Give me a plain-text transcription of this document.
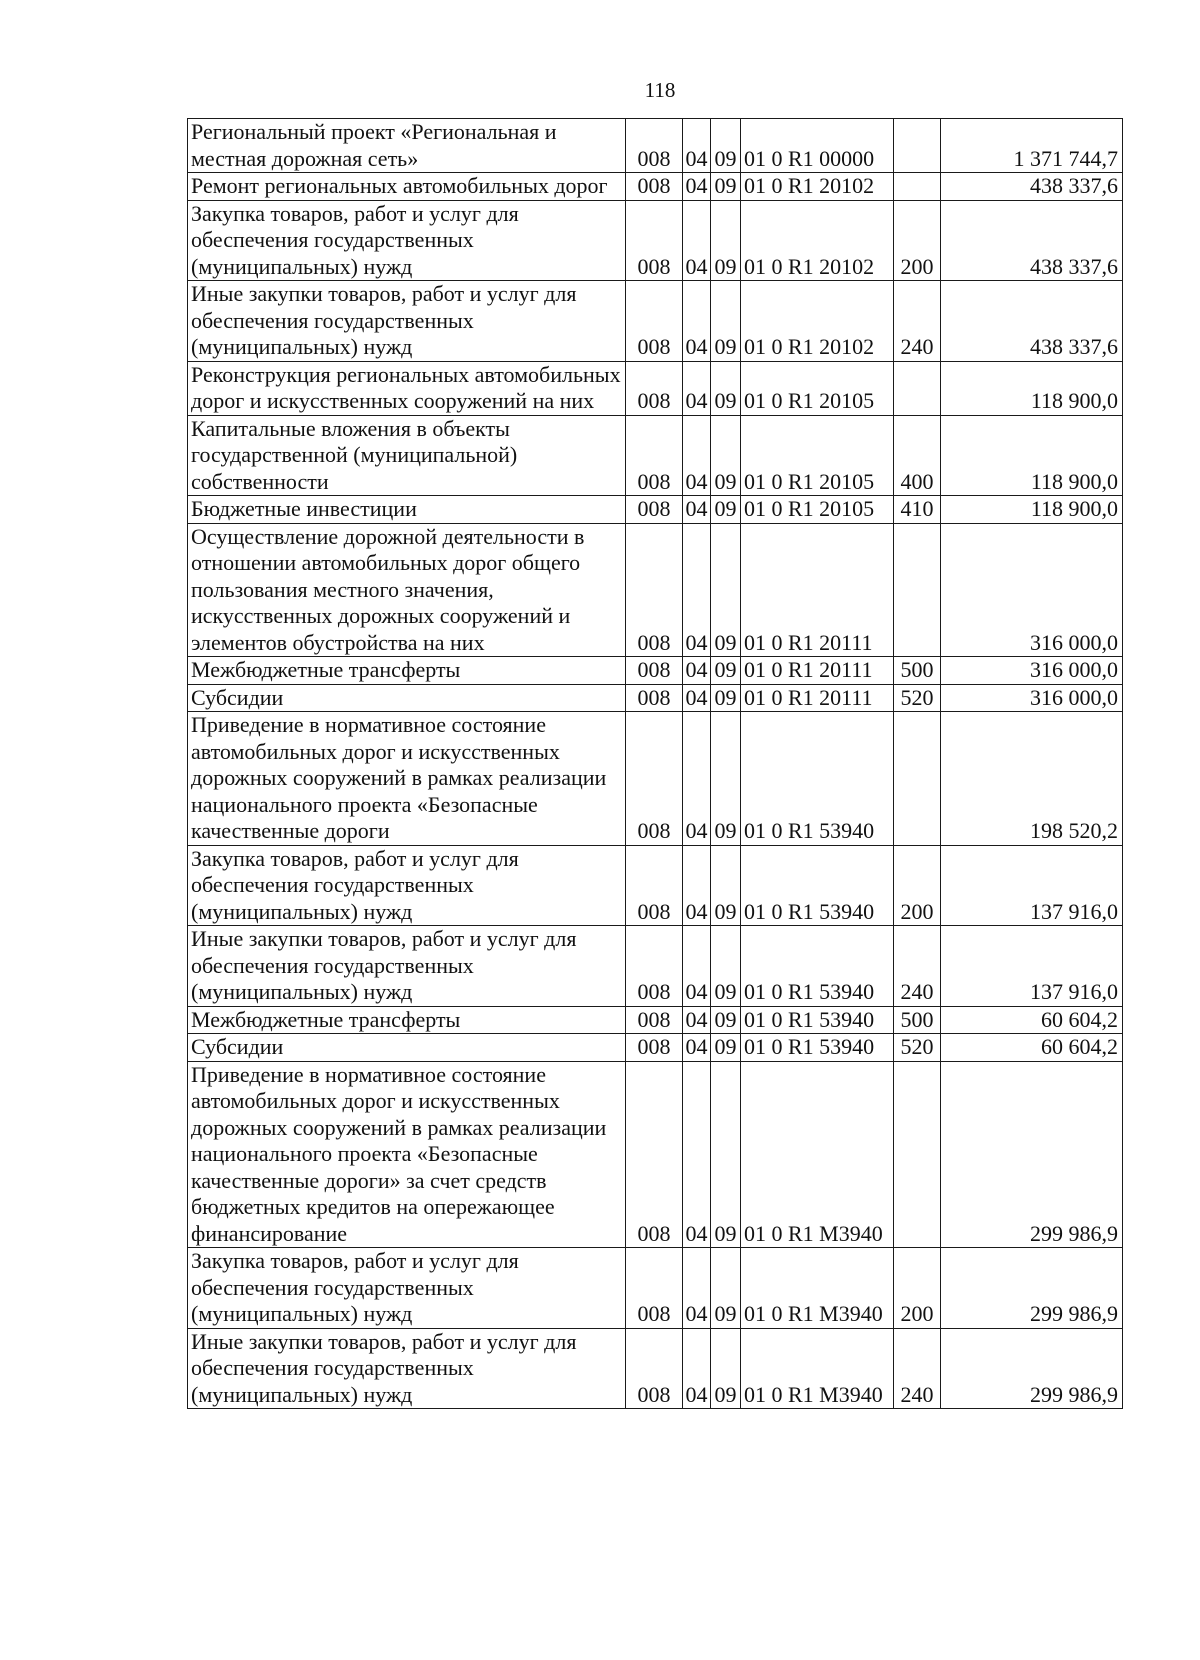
118
Региональный проект «Региональная и местная дорожная сеть»	008	04	09	01 0 R1 00000		1 371 744,7
Ремонт региональных автомобильных дорог	008	04	09	01 0 R1 20102		438 337,6
Закупка товаров, работ и услуг для обеспечения государственных (муниципальных) нужд	008	04	09	01 0 R1 20102	200	438 337,6
Иные закупки товаров, работ и услуг для обеспечения государственных (муниципальных) нужд	008	04	09	01 0 R1 20102	240	438 337,6
Реконструкция региональных автомобильных дорог и искусственных сооружений на них	008	04	09	01 0 R1 20105		118 900,0
Капитальные вложения в объекты государственной (муниципальной) собственности	008	04	09	01 0 R1 20105	400	118 900,0
Бюджетные инвестиции	008	04	09	01 0 R1 20105	410	118 900,0
Осуществление дорожной деятельности в отношении автомобильных дорог общего пользования местного значения, искусственных дорожных сооружений и элементов обустройства на них	008	04	09	01 0 R1 20111		316 000,0
Межбюджетные трансферты	008	04	09	01 0 R1 20111	500	316 000,0
Субсидии	008	04	09	01 0 R1 20111	520	316 000,0
Приведение в нормативное состояние автомобильных дорог и искусственных дорожных сооружений в рамках реализации национального проекта «Безопасные качественные дороги	008	04	09	01 0 R1 53940		198 520,2
Закупка товаров, работ и услуг для обеспечения государственных (муниципальных) нужд	008	04	09	01 0 R1 53940	200	137 916,0
Иные закупки товаров, работ и услуг для обеспечения государственных (муниципальных) нужд	008	04	09	01 0 R1 53940	240	137 916,0
Межбюджетные трансферты	008	04	09	01 0 R1 53940	500	60 604,2
Субсидии	008	04	09	01 0 R1 53940	520	60 604,2
Приведение в нормативное состояние автомобильных дорог и искусственных дорожных сооружений в рамках реализации национального проекта «Безопасные качественные дороги» за счет средств бюджетных кредитов на опережающее финансирование	008	04	09	01 0 R1 M3940		299 986,9
Закупка товаров, работ и услуг для обеспечения государственных (муниципальных) нужд	008	04	09	01 0 R1 M3940	200	299 986,9
Иные закупки товаров, работ и услуг для обеспечения государственных (муниципальных) нужд	008	04	09	01 0 R1 M3940	240	299 986,9
